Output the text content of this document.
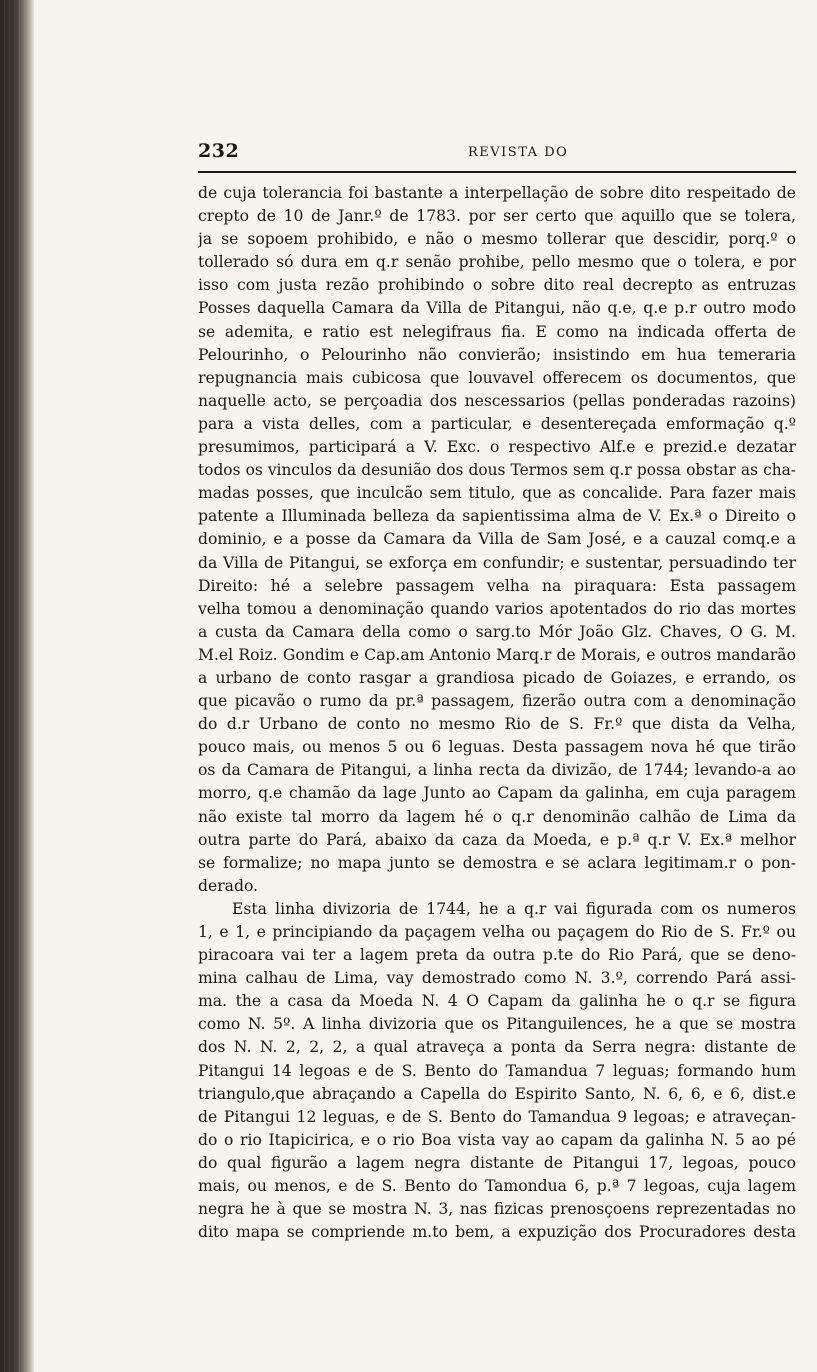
232	REVISTA DO
de cuja tolerancia foi bastante a interpellação de sobre dito respeitado de
crepto de 10 de Janr.º de 1783. por ser certo que aquillo que se tolera,
ja se sopoem prohibido, e não o mesmo tollerar que descidir, porq.º o
tollerado só dura em q.r senão prohibe, pello mesmo que o tolera, e por
isso com justa rezão prohibindo o sobre dito real decrepto as entruzas
Posses daquella Camara da Villa de Pitangui, não q.e, q.e p.r outro modo
se ademita, e ratio est nelegifraus fia. E como na indicada offerta de
Pelourinho, o Pelourinho não convierão; insistindo em hua temeraria
repugnancia mais cubicosa que louvavel offerecem os documentos, que
naquelle acto, se perçoadia dos nescessarios (pellas ponderadas razoins)
para a vista delles, com a particular, e desentereçada emformação q.º
presumimos, participará a V. Exc. o respectivo Alf.e e prezid.e dezatar
todos os vinculos da desunião dos dous Termos sem q.r possa obstar as cha-
madas posses, que inculcão sem titulo, que as concalide. Para fazer mais
patente a Illuminada belleza da sapientissima alma de V. Ex.ª o Direito o
dominio, e a posse da Camara da Villa de Sam José, e a cauzal comq.e a
da Villa de Pitangui, se exforça em confundir; e sustentar, persuadindo ter
Direito: hé a selebre passagem velha na piraquara: Esta passagem
velha tomou a denominação quando varios apotentados do rio das mortes
a custa da Camara della como o sarg.to Mór João Glz. Chaves, O G. M.
M.el Roiz. Gondim e Cap.am Antonio Marq.r de Morais, e outros mandarão
a urbano de conto rasgar a grandiosa picado de Goiazes, e errando, os
que picavão o rumo da pr.ª passagem, fizerão outra com a denominação
do d.r Urbano de conto no mesmo Rio de S. Fr.º que dista da Velha,
pouco mais, ou menos 5 ou 6 leguas. Desta passagem nova hé que tirão
os da Camara de Pitangui, a linha recta da divizão, de 1744; levando-a ao
morro, q.e chamão da lage Junto ao Capam da galinha, em cuja paragem
não existe tal morro da lagem hé o q.r denominão calhão de Lima da
outra parte do Pará, abaixo da caza da Moeda, e p.ª q.r V. Ex.ª melhor
se formalize; no mapa junto se demostra e se aclara legitimam.r o pon-
derado.
Esta linha divizoria de 1744, he a q.r vai figurada com os numeros
1, e 1, e principiando da paçagem velha ou paçagem do Rio de S. Fr.º ou
piracoara vai ter a lagem preta da outra p.te do Rio Pará, que se deno-
mina calhau de Lima, vay demostrado como N. 3.º, correndo Pará assi-
ma. the a casa da Moeda N. 4 O Capam da galinha he o q.r se figura
como N. 5º. A linha divizoria que os Pitanguilences, he a que se mostra
dos N. N. 2, 2, 2, a qual atraveça a ponta da Serra negra: distante de
Pitangui 14 legoas e de S. Bento do Tamandua 7 leguas; formando hum
triangulo,que abraçando a Capella do Espirito Santo, N. 6, 6, e 6, dist.e
de Pitangui 12 leguas, e de S. Bento do Tamandua 9 legoas; e atraveçan-
do o rio Itapicirica, e o rio Boa vista vay ao capam da galinha N. 5 ao pé
do qual figurão a lagem negra distante de Pitangui 17, legoas, pouco
mais, ou menos, e de S. Bento do Tamondua 6, p.ª 7 legoas, cuja lagem
negra he à que se mostra N. 3, nas fizicas prenosçoens reprezentadas no
dito mapa se compriende m.to bem, a expuzição dos Procuradores desta
